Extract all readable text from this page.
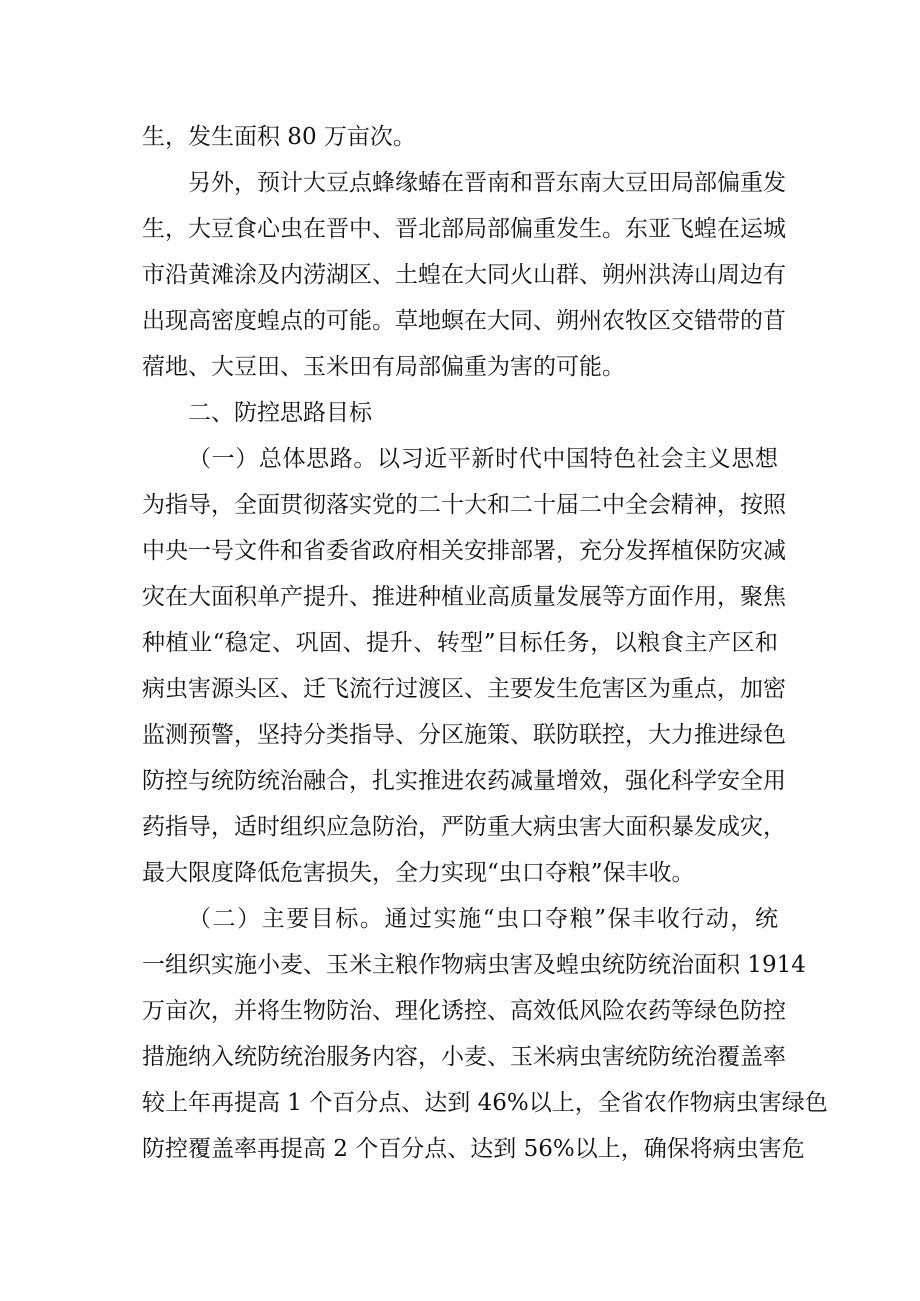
生，发生面积 80 万亩次。
另外，预计大豆点蜂缘蝽在晋南和晋东南大豆田局部偏重发
生，大豆食心虫在晋中、晋北部局部偏重发生。东亚飞蝗在运城
市沿黄滩涂及内涝湖区、土蝗在大同火山群、朔州洪涛山周边有
出现高密度蝗点的可能。草地螟在大同、朔州农牧区交错带的苜
蓿地、大豆田、玉米田有局部偏重为害的可能。
二、防控思路目标
（一）总体思路。以习近平新时代中国特色社会主义思想
为指导，全面贯彻落实党的二十大和二十届二中全会精神，按照
中央一号文件和省委省政府相关安排部署，充分发挥植保防灾减
灾在大面积单产提升、推进种植业高质量发展等方面作用，聚焦
种植业“稳定、巩固、提升、转型”目标任务，以粮食主产区和
病虫害源头区、迁飞流行过渡区、主要发生危害区为重点，加密
监测预警，坚持分类指导、分区施策、联防联控，大力推进绿色
防控与统防统治融合，扎实推进农药减量增效，强化科学安全用
药指导，适时组织应急防治，严防重大病虫害大面积暴发成灾，
最大限度降低危害损失，全力实现“虫口夺粮”保丰收。
（二）主要目标。通过实施“虫口夺粮”保丰收行动，统
一组织实施小麦、玉米主粮作物病虫害及蝗虫统防统治面积 1914
万亩次，并将生物防治、理化诱控、高效低风险农药等绿色防控
措施纳入统防统治服务内容，小麦、玉米病虫害统防统治覆盖率
较上年再提高 1 个百分点、达到 46%以上，全省农作物病虫害绿色
防控覆盖率再提高 2 个百分点、达到 56%以上，确保将病虫害危
